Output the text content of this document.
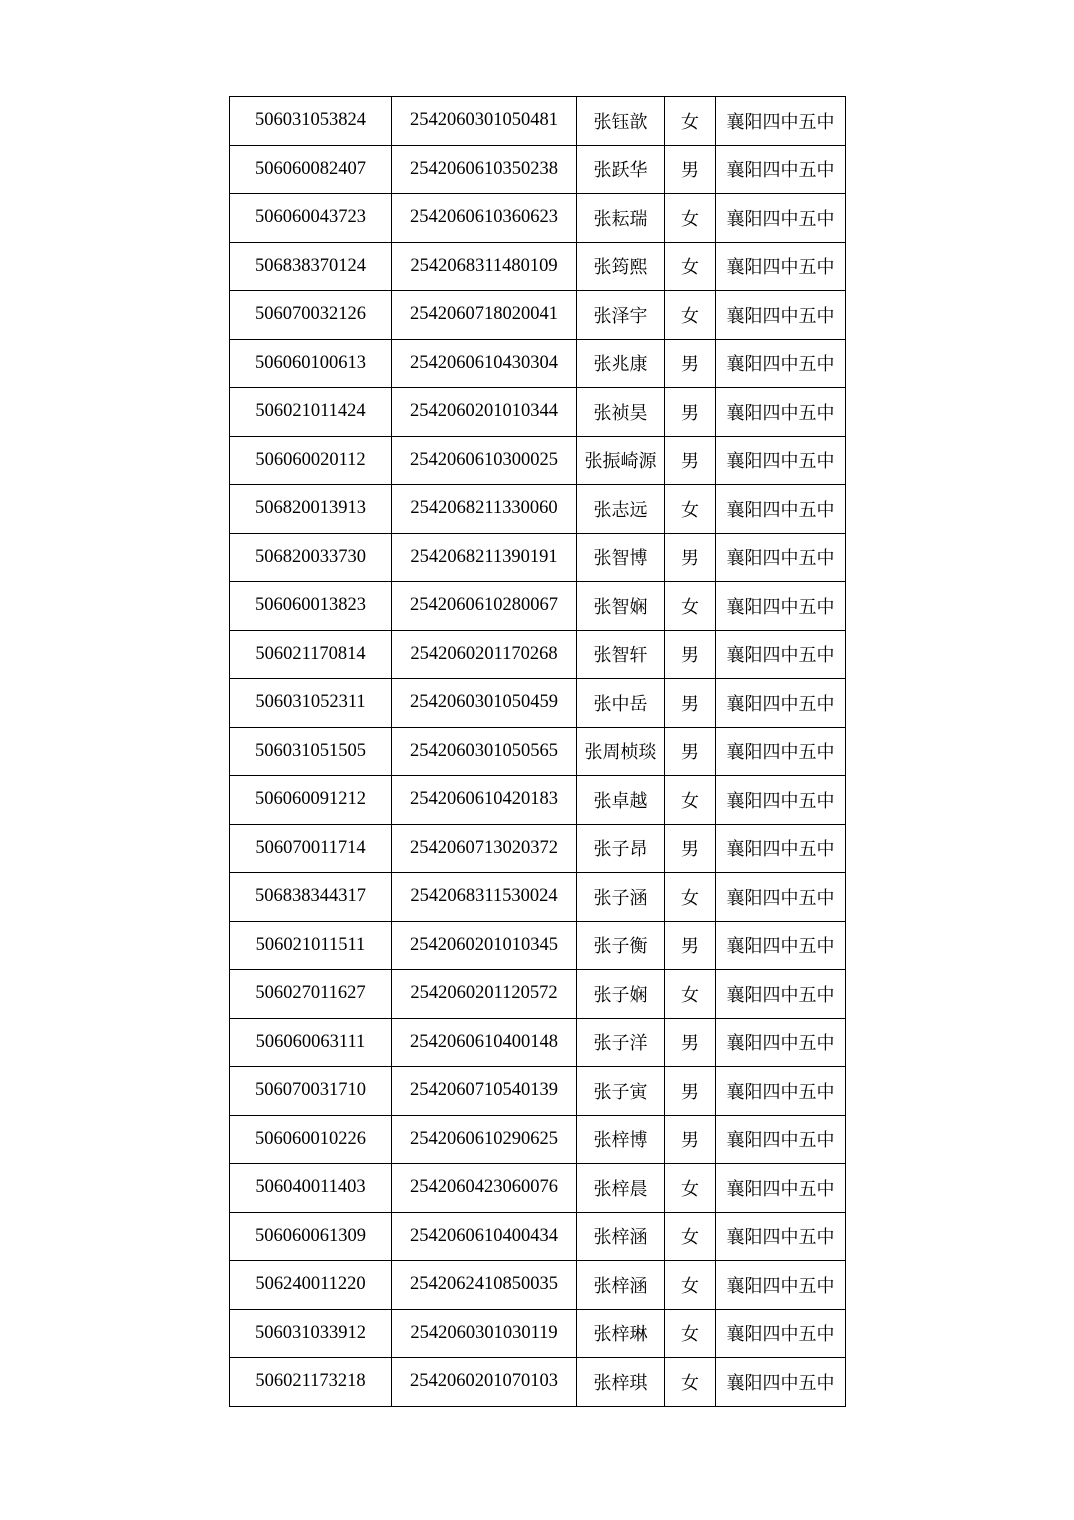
506031053824	2542060301050481	张钰歆	女	襄阳四中五中
506060082407	2542060610350238	张跃华	男	襄阳四中五中
506060043723	2542060610360623	张耘瑞	女	襄阳四中五中
506838370124	2542068311480109	张筠熙	女	襄阳四中五中
506070032126	2542060718020041	张泽宇	女	襄阳四中五中
506060100613	2542060610430304	张兆康	男	襄阳四中五中
506021011424	2542060201010344	张祯昊	男	襄阳四中五中
506060020112	2542060610300025	张振崎源	男	襄阳四中五中
506820013913	2542068211330060	张志远	女	襄阳四中五中
506820033730	2542068211390191	张智博	男	襄阳四中五中
506060013823	2542060610280067	张智娴	女	襄阳四中五中
506021170814	2542060201170268	张智轩	男	襄阳四中五中
506031052311	2542060301050459	张中岳	男	襄阳四中五中
506031051505	2542060301050565	张周桢琰	男	襄阳四中五中
506060091212	2542060610420183	张卓越	女	襄阳四中五中
506070011714	2542060713020372	张子昂	男	襄阳四中五中
506838344317	2542068311530024	张子涵	女	襄阳四中五中
506021011511	2542060201010345	张子衡	男	襄阳四中五中
506027011627	2542060201120572	张子娴	女	襄阳四中五中
506060063111	2542060610400148	张子洋	男	襄阳四中五中
506070031710	2542060710540139	张子寅	男	襄阳四中五中
506060010226	2542060610290625	张梓博	男	襄阳四中五中
506040011403	2542060423060076	张梓晨	女	襄阳四中五中
506060061309	2542060610400434	张梓涵	女	襄阳四中五中
506240011220	2542062410850035	张梓涵	女	襄阳四中五中
506031033912	2542060301030119	张梓琳	女	襄阳四中五中
506021173218	2542060201070103	张梓琪	女	襄阳四中五中
